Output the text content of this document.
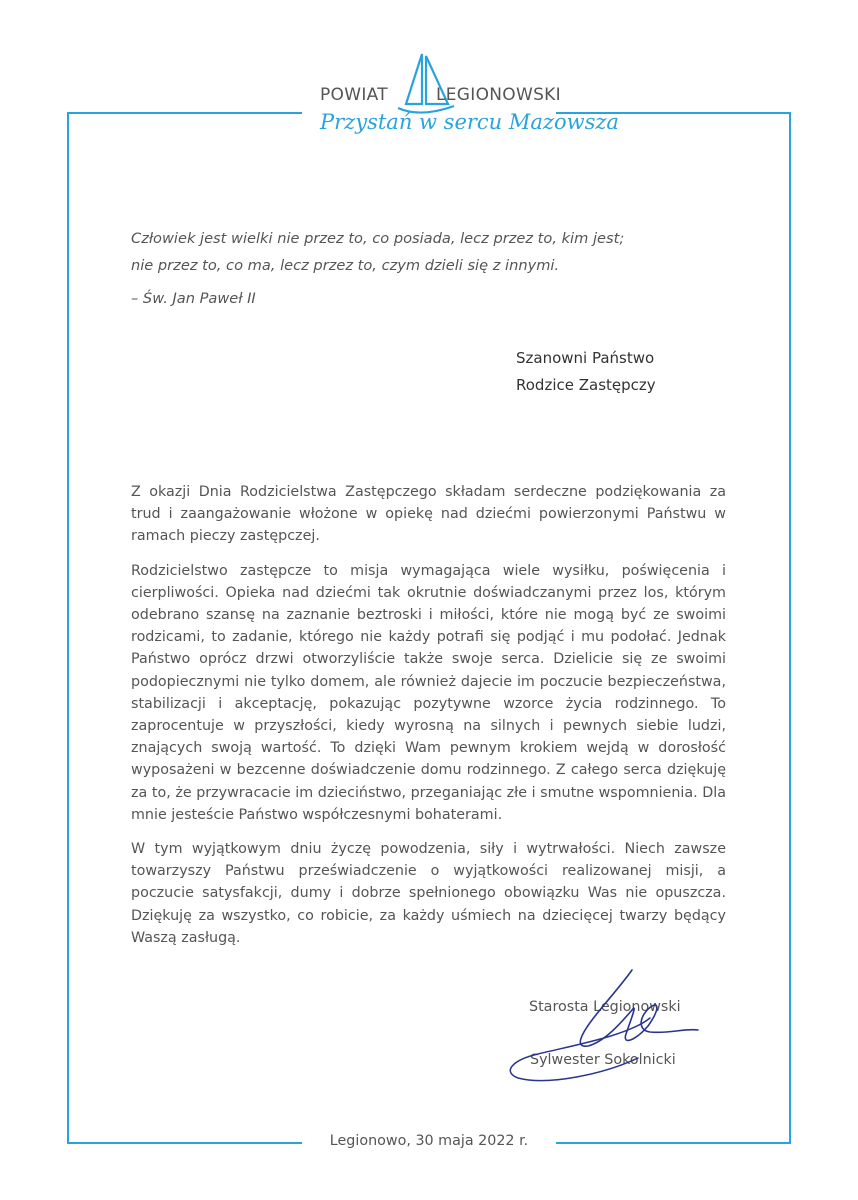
POWIAT	LEGIONOWSKI
Przystań w sercu Mazowsza
Człowiek jest wielki nie przez to, co posiada, lecz przez to, kim jest;
nie przez to, co ma, lecz przez to, czym dzieli się z innymi.
– Św. Jan Paweł II
Szanowni Państwo
Rodzice Zastępczy

Z okazji Dnia Rodzicielstwa Zastępczego składam serdeczne podziękowania za trud i zaangażowanie włożone w opiekę nad dziećmi powierzonymi Państwu w ramach pieczy zastępczej.

Rodzicielstwo zastępcze to misja wymagająca wiele wysiłku, poświęcenia i cierpliwości. Opieka nad dziećmi tak okrutnie doświadczanymi przez los, którym odebrano szansę na zaznanie beztroski i miłości, które nie mogą być ze swoimi rodzicami, to zadanie, którego nie każdy potrafi się podjąć i mu podołać. Jednak Państwo oprócz drzwi otworzyliście także swoje serca. Dzielicie się ze swoimi podopiecznymi nie tylko domem, ale również dajecie im poczucie bezpieczeństwa, stabilizacji i akceptację, pokazując pozytywne wzorce życia rodzinnego. To zaprocentuje w przyszłości, kiedy wyrosną na silnych i pewnych siebie ludzi, znających swoją wartość. To dzięki Wam pewnym krokiem wejdą w dorosłość wyposażeni w bezcenne doświadczenie domu rodzinnego. Z całego serca dziękuję za to, że przywracacie im dzieciństwo, przeganiając złe i smutne wspomnienia. Dla mnie jesteście Państwo współczesnymi bohaterami.

W tym wyjątkowym dniu życzę powodzenia, siły i wytrwałości. Niech zawsze towarzyszy Państwu przeświadczenie o wyjątkowości realizowanej misji, a poczucie satysfakcji, dumy i dobrze spełnionego obowiązku Was nie opuszcza. Dziękuję za wszystko, co robicie, za każdy uśmiech na dziecięcej twarzy będący Waszą zasługą.

Starosta Legionowski
Sylwester Sokolnicki
Legionowo, 30 maja 2022 r.
